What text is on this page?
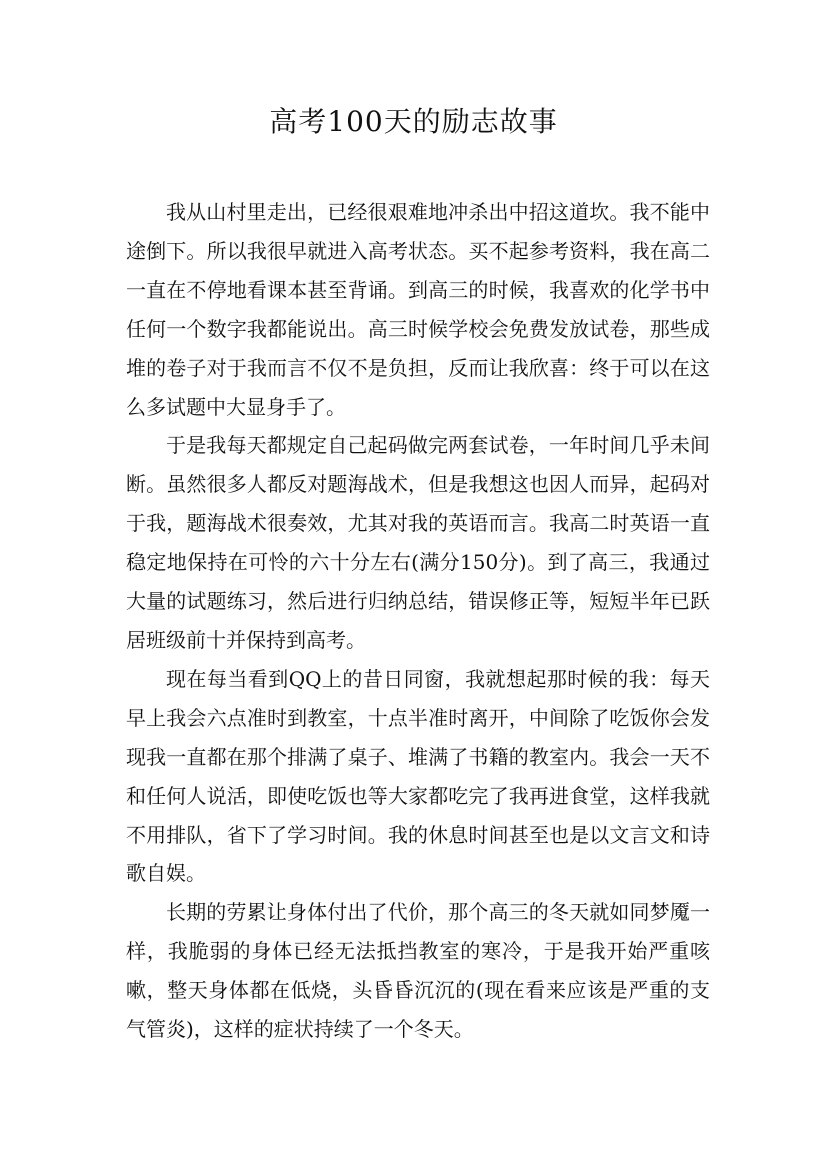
高考100天的励志故事

我从山村里走出，已经很艰难地冲杀出中招这道坎。我不能中途倒下。所以我很早就进入高考状态。买不起参考资料，我在高二一直在不停地看课本甚至背诵。到高三的时候，我喜欢的化学书中任何一个数字我都能说出。高三时候学校会免费发放试卷，那些成堆的卷子对于我而言不仅不是负担，反而让我欣喜：终于可以在这么多试题中大显身手了。

于是我每天都规定自己起码做完两套试卷，一年时间几乎未间断。虽然很多人都反对题海战术，但是我想这也因人而异，起码对于我，题海战术很奏效，尤其对我的英语而言。我高二时英语一直稳定地保持在可怜的六十分左右(满分150分)。到了高三，我通过大量的试题练习，然后进行归纳总结，错误修正等，短短半年已跃居班级前十并保持到高考。

现在每当看到QQ上的昔日同窗，我就想起那时候的我：每天早上我会六点准时到教室，十点半准时离开，中间除了吃饭你会发现我一直都在那个排满了桌子、堆满了书籍的教室内。我会一天不和任何人说活，即使吃饭也等大家都吃完了我再进食堂，这样我就不用排队，省下了学习时间。我的休息时间甚至也是以文言文和诗歌自娱。

长期的劳累让身体付出了代价，那个高三的冬天就如同梦魇一样，我脆弱的身体已经无法抵挡教室的寒冷，于是我开始严重咳嗽，整天身体都在低烧，头昏昏沉沉的(现在看来应该是严重的支气管炎)，这样的症状持续了一个冬天。
